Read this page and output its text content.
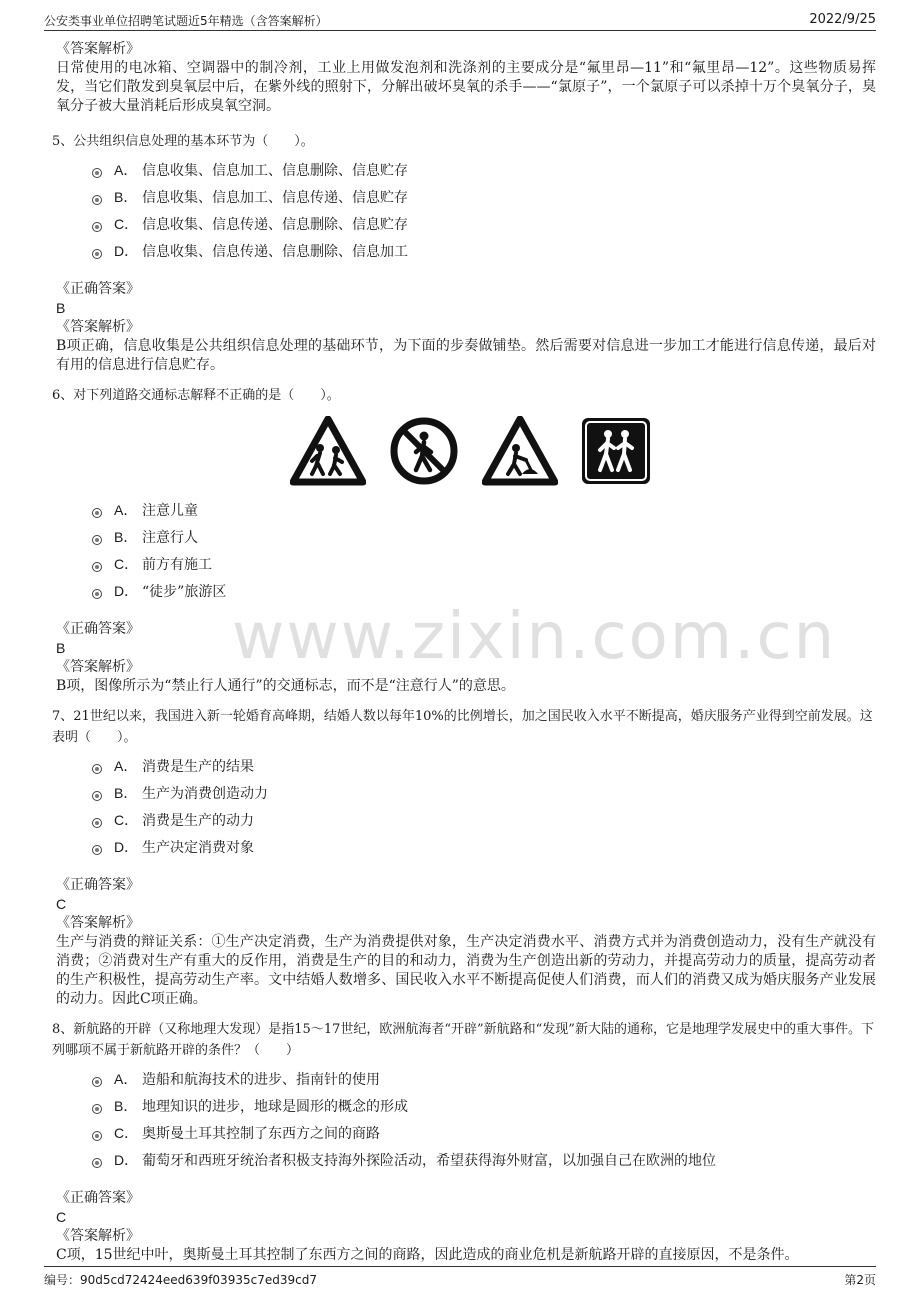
公安类事业单位招聘笔试题近5年精选（含答案解析）	2022/9/25
www.zixin.com.cn
《答案解析》

日常使用的电冰箱、空调器中的制冷剂，工业上用做发泡剂和洗涤剂的主要成分是“氟里昂—11”和“氟里昂—12”。这些物质易挥发，当它们散发到臭氧层中后，在紫外线的照射下，分解出破坏臭氧的杀手——“氯原子”，一个氯原子可以杀掉十万个臭氧分子，臭氧分子被大量消耗后形成臭氧空洞。

5、公共组织信息处理的基本环节为（　　）。

A． 信息收集、信息加工、信息删除、信息贮存
B． 信息收集、信息加工、信息传递、信息贮存
C． 信息收集、信息传递、信息删除、信息贮存
D． 信息收集、信息传递、信息删除、信息加工
《正确答案》
B
《答案解析》

B项正确，信息收集是公共组织信息处理的基础环节，为下面的步奏做铺垫。然后需要对信息进一步加工才能进行信息传递，最后对有用的信息进行信息贮存。

6、对下列道路交通标志解释不正确的是（　　）。

A． 注意儿童
B． 注意行人
C． 前方有施工
D． “徒步”旅游区
《正确答案》
B
《答案解析》

B项，图像所示为“禁止行人通行”的交通标志，而不是“注意行人”的意思。

7、21世纪以来，我国进入新一轮婚育高峰期，结婚人数以每年10%的比例增长，加之国民收入水平不断提高，婚庆服务产业得到空前发展。这表明（　　）。

A． 消费是生产的结果
B． 生产为消费创造动力
C． 消费是生产的动力
D． 生产决定消费对象
《正确答案》
C
《答案解析》

生产与消费的辩证关系：①生产决定消费，生产为消费提供对象，生产决定消费水平、消费方式并为消费创造动力，没有生产就没有消费；②消费对生产有重大的反作用，消费是生产的目的和动力，消费为生产创造出新的劳动力，并提高劳动力的质量，提高劳动者的生产积极性，提高劳动生产率。文中结婚人数增多、国民收入水平不断提高促使人们消费，而人们的消费又成为婚庆服务产业发展的动力。因此C项正确。

8、新航路的开辟（又称地理大发现）是指15～17世纪，欧洲航海者“开辟”新航路和“发现”新大陆的通称，它是地理学发展史中的重大事件。下列哪项不属于新航路开辟的条件？（　　）

A． 造船和航海技术的进步、指南针的使用
B． 地理知识的进步，地球是圆形的概念的形成
C． 奥斯曼土耳其控制了东西方之间的商路
D． 葡萄牙和西班牙统治者积极支持海外探险活动，希望获得海外财富，以加强自己在欧洲的地位
《正确答案》
C
《答案解析》

C项，15世纪中叶，奥斯曼土耳其控制了东西方之间的商路，因此造成的商业危机是新航路开辟的直接原因，不是条件。

编号：90d5cd72424eed639f03935c7ed39cd7	第2页
